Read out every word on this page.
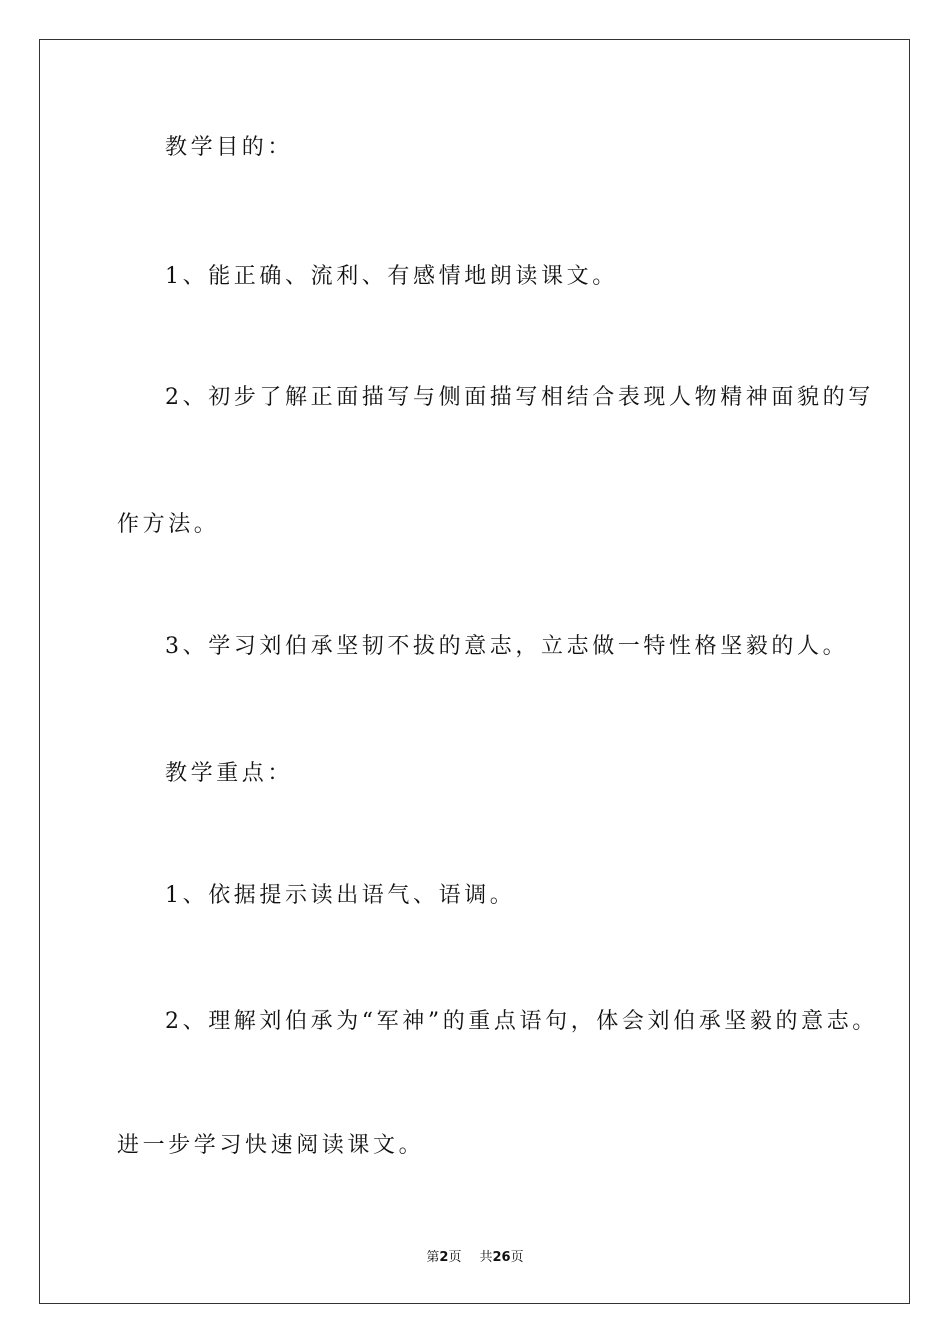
教学目的：
1、能正确、流利、有感情地朗读课文。
2、初步了解正面描写与侧面描写相结合表现人物精神面貌的写
作方法。
3、学习刘伯承坚韧不拔的意志，立志做一特性格坚毅的人。
教学重点：
1、依据提示读出语气、语调。
2、理解刘伯承为“军神”的重点语句，体会刘伯承坚毅的意志。
进一步学习快速阅读课文。
第2页 共26页
